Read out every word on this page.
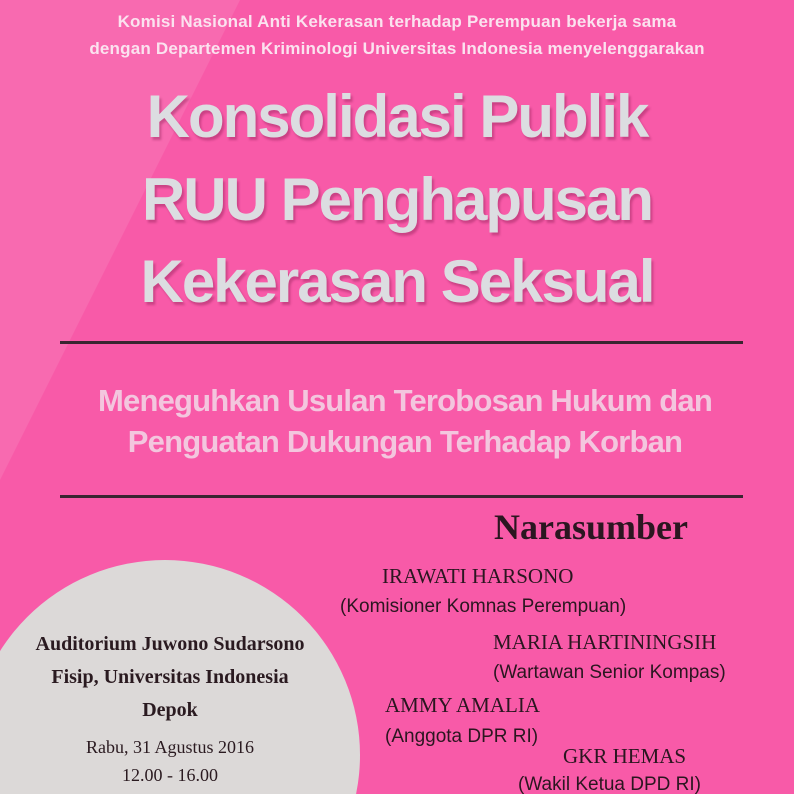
Komisi Nasional Anti Kekerasan terhadap Perempuan bekerja sama
dengan Departemen Kriminologi Universitas Indonesia menyelenggarakan
Konsolidasi Publik
RUU Penghapusan
Kekerasan Seksual
Meneguhkan Usulan Terobosan Hukum dan
Penguatan Dukungan Terhadap Korban
Auditorium Juwono Sudarsono
Fisip, Universitas Indonesia
Depok
Rabu, 31 Agustus 2016
12.00 - 16.00
Narasumber
IRAWATI HARSONO
(Komisioner Komnas Perempuan)
MARIA HARTININGSIH
(Wartawan Senior Kompas)
AMMY AMALIA
(Anggota DPR RI)
GKR HEMAS
(Wakil Ketua DPD RI)
